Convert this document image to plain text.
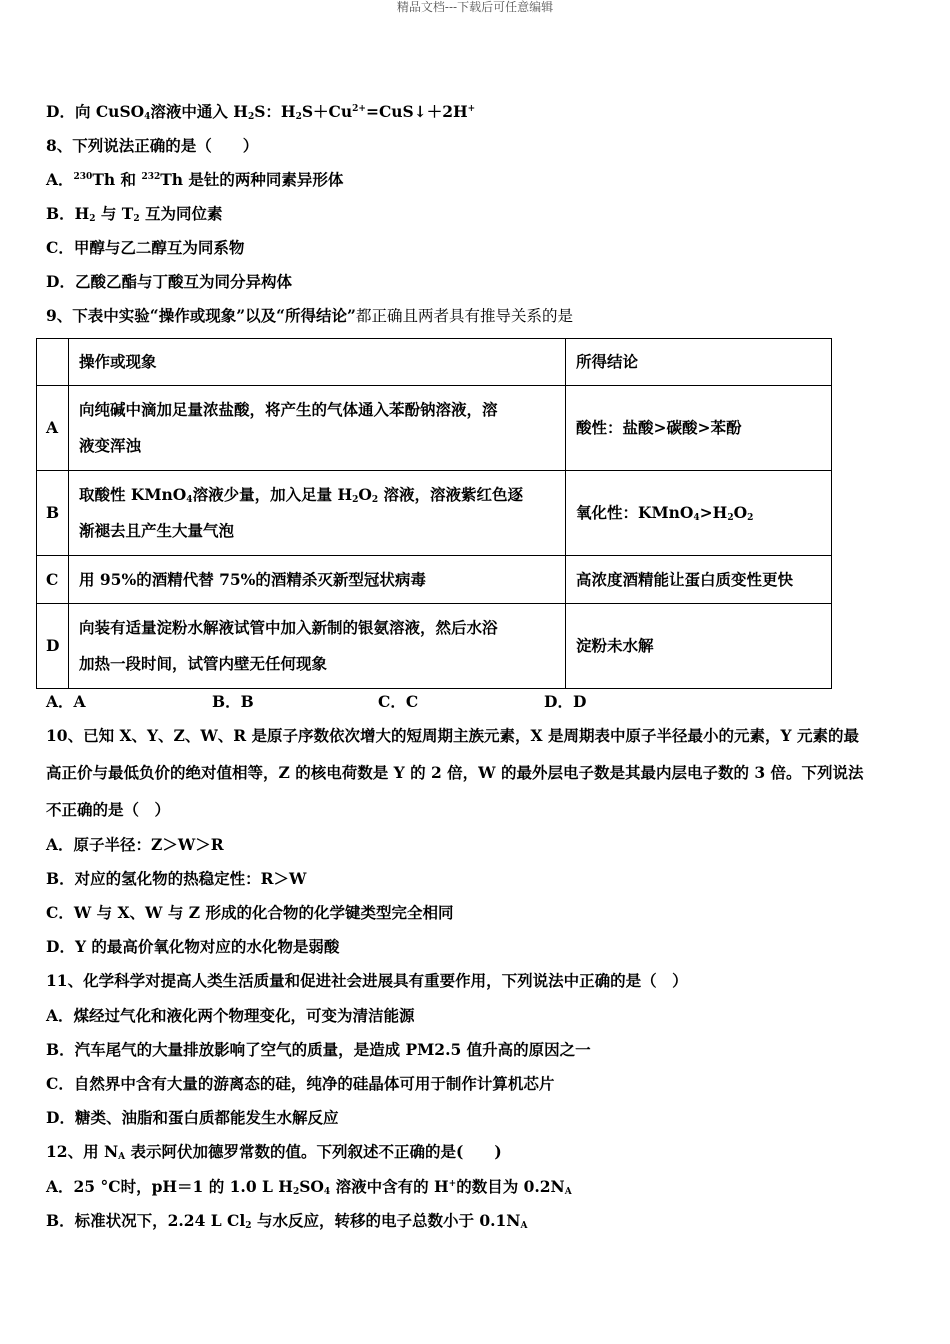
精品文档---下载后可任意编辑
D．向 CuSO$_4$溶液中通入 $H_2S$：$H_2S+Cu^{2+}=CuS↓+2H^+$
8、下列说法正确的是（　　）
A．$^{230}$Th 和 $^{232}$Th 是钍的两种同素异形体
B．$H_2$ 与 $T_2$ 互为同位素
C．甲醇与乙二醇互为同系物
D．乙酸乙酯与丁酸互为同分异构体
9、下表中实验“操作或现象”以及“所得结论”都正确且两者具有推导关系的是
	操作或现象	所得结论
A	向纯碱中滴加足量浓盐酸，将产生的气体通入苯酚钠溶液，溶
液变浑浊	酸性：盐酸>碳酸>苯酚
B	取酸性 KMnO$_4$溶液少量，加入足量 $H_2O_2$ 溶液，溶液紫红色逐
渐褪去且产生大量气泡	氧化性：$KMnO_4>H_2O_2$
C	用 95%的酒精代替 75%的酒精杀灭新型冠状病毒	高浓度酒精能让蛋白质变性更快
D	向装有适量淀粉水解液试管中加入新制的银氨溶液，然后水浴
加热一段时间，试管内壁无任何现象	淀粉未水解
A．A	B．B	C．C	D．D
10、已知 X、Y、Z、W、R 是原子序数依次增大的短周期主族元素，X 是周期表中原子半径最小的元素，Y 元素的最
高正价与最低负价的绝对值相等，Z 的核电荷数是 Y 的 2 倍，W 的最外层电子数是其最内层电子数的 3 倍。下列说法
不正确的是（　）
A．原子半径：Z＞W＞R
B．对应的氢化物的热稳定性：R＞W
C．W 与 X、W 与 Z 形成的化合物的化学键类型完全相同
D．Y 的最高价氧化物对应的水化物是弱酸
11、化学科学对提高人类生活质量和促进社会进展具有重要作用，下列说法中正确的是（　）
A．煤经过气化和液化两个物理变化，可变为清洁能源
B．汽车尾气的大量排放影响了空气的质量，是造成 PM2.5 值升高的原因之一
C．自然界中含有大量的游离态的硅，纯净的硅晶体可用于制作计算机芯片
D．糖类、油脂和蛋白质都能发生水解反应
12、用 $N_A$ 表示阿伏加德罗常数的值。下列叙述不正确的是(　　)
A．25 °C时，pH＝1 的 1.0 L $H_2SO_4$ 溶液中含有的 H+的数目为 $0.2N_A$
B．标准状况下，2.24 L $Cl_2$ 与水反应，转移的电子总数小于 $0.1N_A$
